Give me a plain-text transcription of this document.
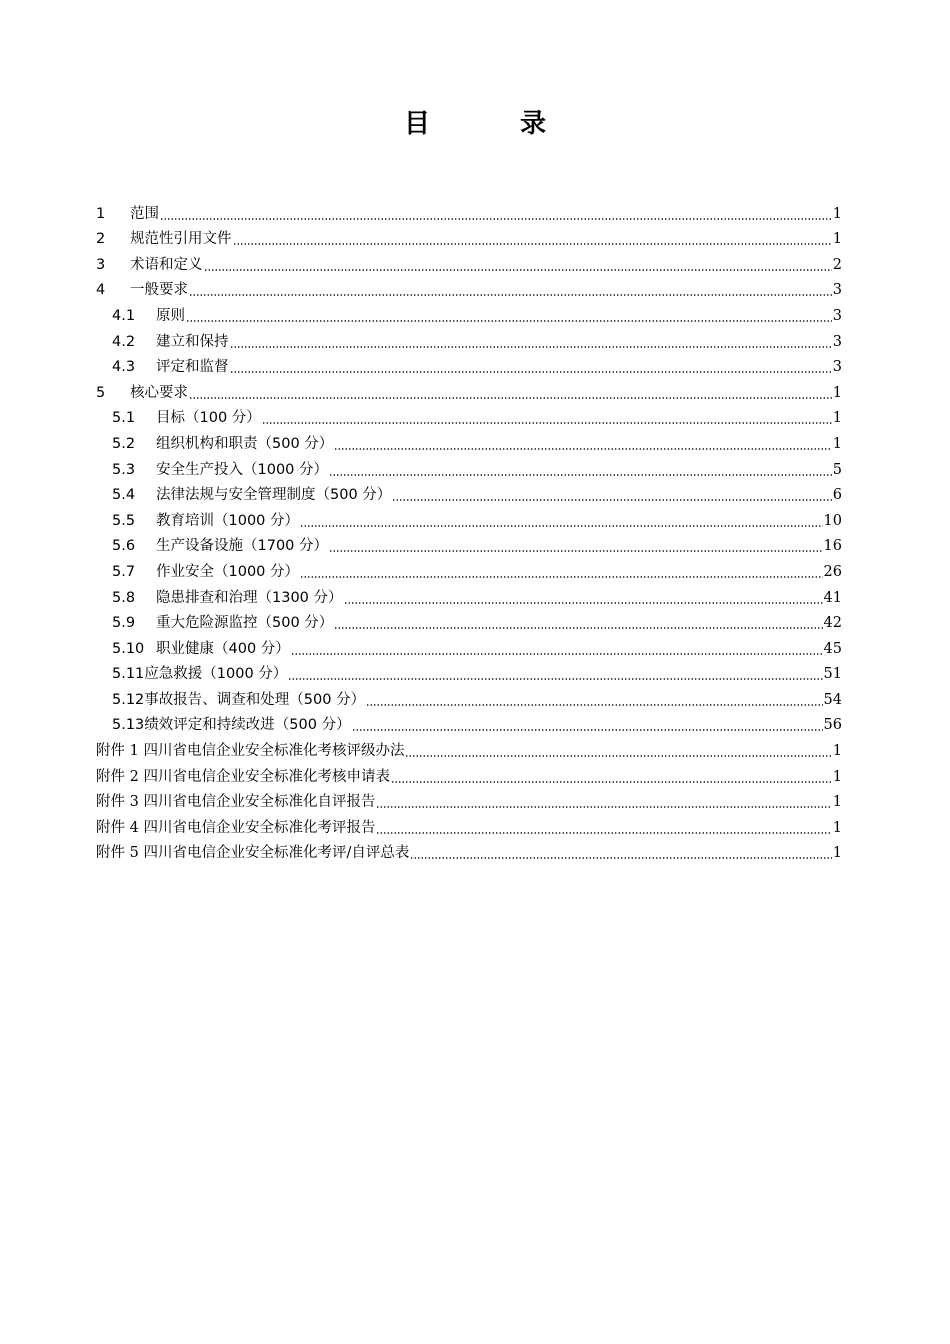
目　录
1	范围	1
2	规范性引用文件	1
3	术语和定义	2
4	一般要求	3
4.1	原则	3
4.2	建立和保持	3
4.3	评定和监督	3
5	核心要求	1
5.1	目标（100 分）	1
5.2	组织机构和职责（500 分）	1
5.3	安全生产投入（1000 分）	5
5.4	法律法规与安全管理制度（500 分）	6
5.5	教育培训（1000 分）	10
5.6	生产设备设施（1700 分）	16
5.7	作业安全（1000 分）	26
5.8	隐患排查和治理（1300 分）	41
5.9	重大危险源监控（500 分）	42
5.10 职业健康（400 分）	45
5.11 应急救援（1000 分）	51
5.12 事故报告、调查和处理（500 分）	54
5.13 绩效评定和持续改进（500 分）	56
附件 1 四川省电信企业安全标准化考核评级办法	1
附件 2 四川省电信企业安全标准化考核申请表	1
附件 3 四川省电信企业安全标准化自评报告	1
附件 4 四川省电信企业安全标准化考评报告	1
附件 5 四川省电信企业安全标准化考评/自评总表	1
